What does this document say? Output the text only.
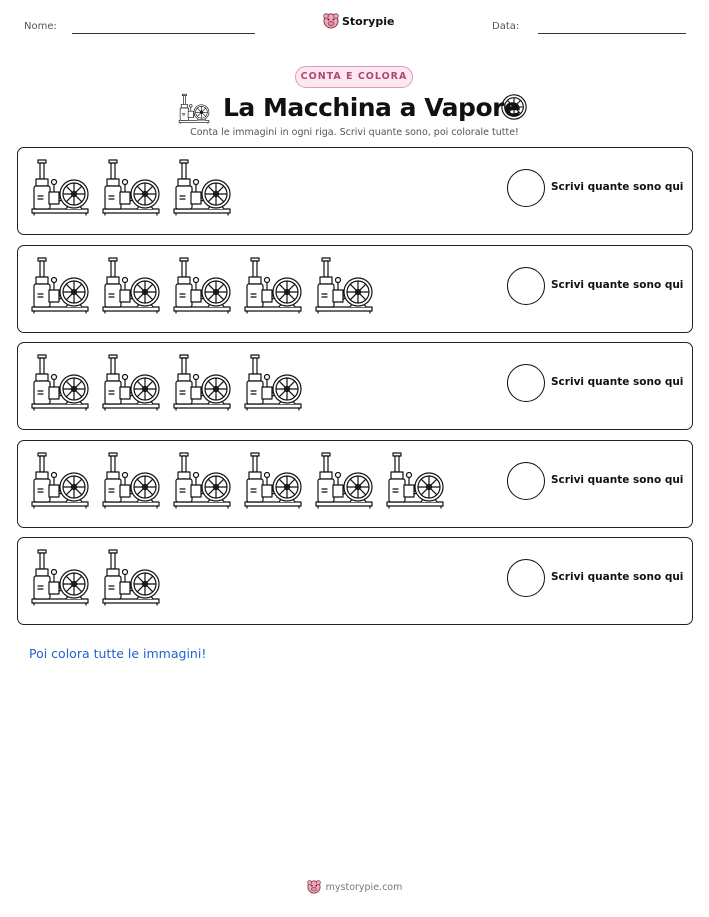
Nome:	Storypie	Data:
CONTA E COLORA
La Macchina a Vapore
Conta le immagini in ogni riga. Scrivi quante sono, poi colorale tutte!
Scrivi quante sono qui
Scrivi quante sono qui
Scrivi quante sono qui
Scrivi quante sono qui
Scrivi quante sono qui
Poi colora tutte le immagini!
mystorypie.com
